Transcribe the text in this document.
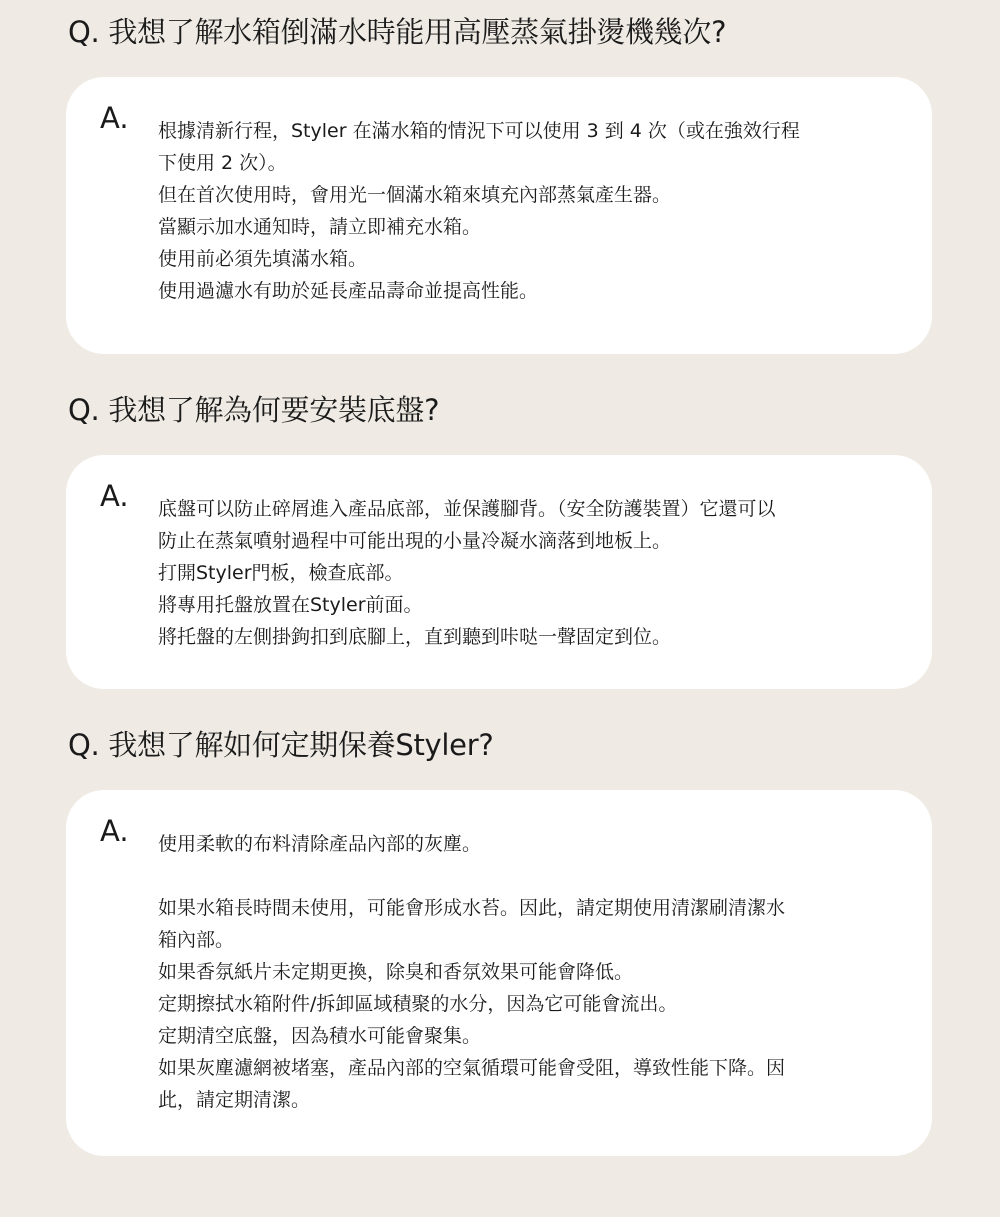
Q. 我想了解水箱倒滿水時能用高壓蒸氣掛燙機幾次?
A. 根據清新行程，Styler 在滿水箱的情況下可以使用 3 到 4 次（或在強效行程
下使用 2 次）。
但在首次使用時，會用光一個滿水箱來填充內部蒸氣產生器。
當顯示加水通知時，請立即補充水箱。
使用前必須先填滿水箱。
使用過濾水有助於延長產品壽命並提高性能。
Q. 我想了解為何要安裝底盤?
A. 底盤可以防止碎屑進入產品底部，並保護腳背。（安全防護裝置）它還可以
防止在蒸氣噴射過程中可能出現的小量冷凝水滴落到地板上。
打開Styler門板，檢查底部。
將專用托盤放置在Styler前面。
將托盤的左側掛鉤扣到底腳上，直到聽到咔哒一聲固定到位。
Q. 我想了解如何定期保養Styler?
A. 使用柔軟的布料清除產品內部的灰塵。
如果水箱長時間未使用，可能會形成水苔。因此，請定期使用清潔刷清潔水
箱內部。
如果香氛紙片未定期更換，除臭和香氛效果可能會降低。
定期擦拭水箱附件/拆卸區域積聚的水分，因為它可能會流出。
定期清空底盤，因為積水可能會聚集。
如果灰塵濾網被堵塞，產品內部的空氣循環可能會受阻，導致性能下降。因
此，請定期清潔。
